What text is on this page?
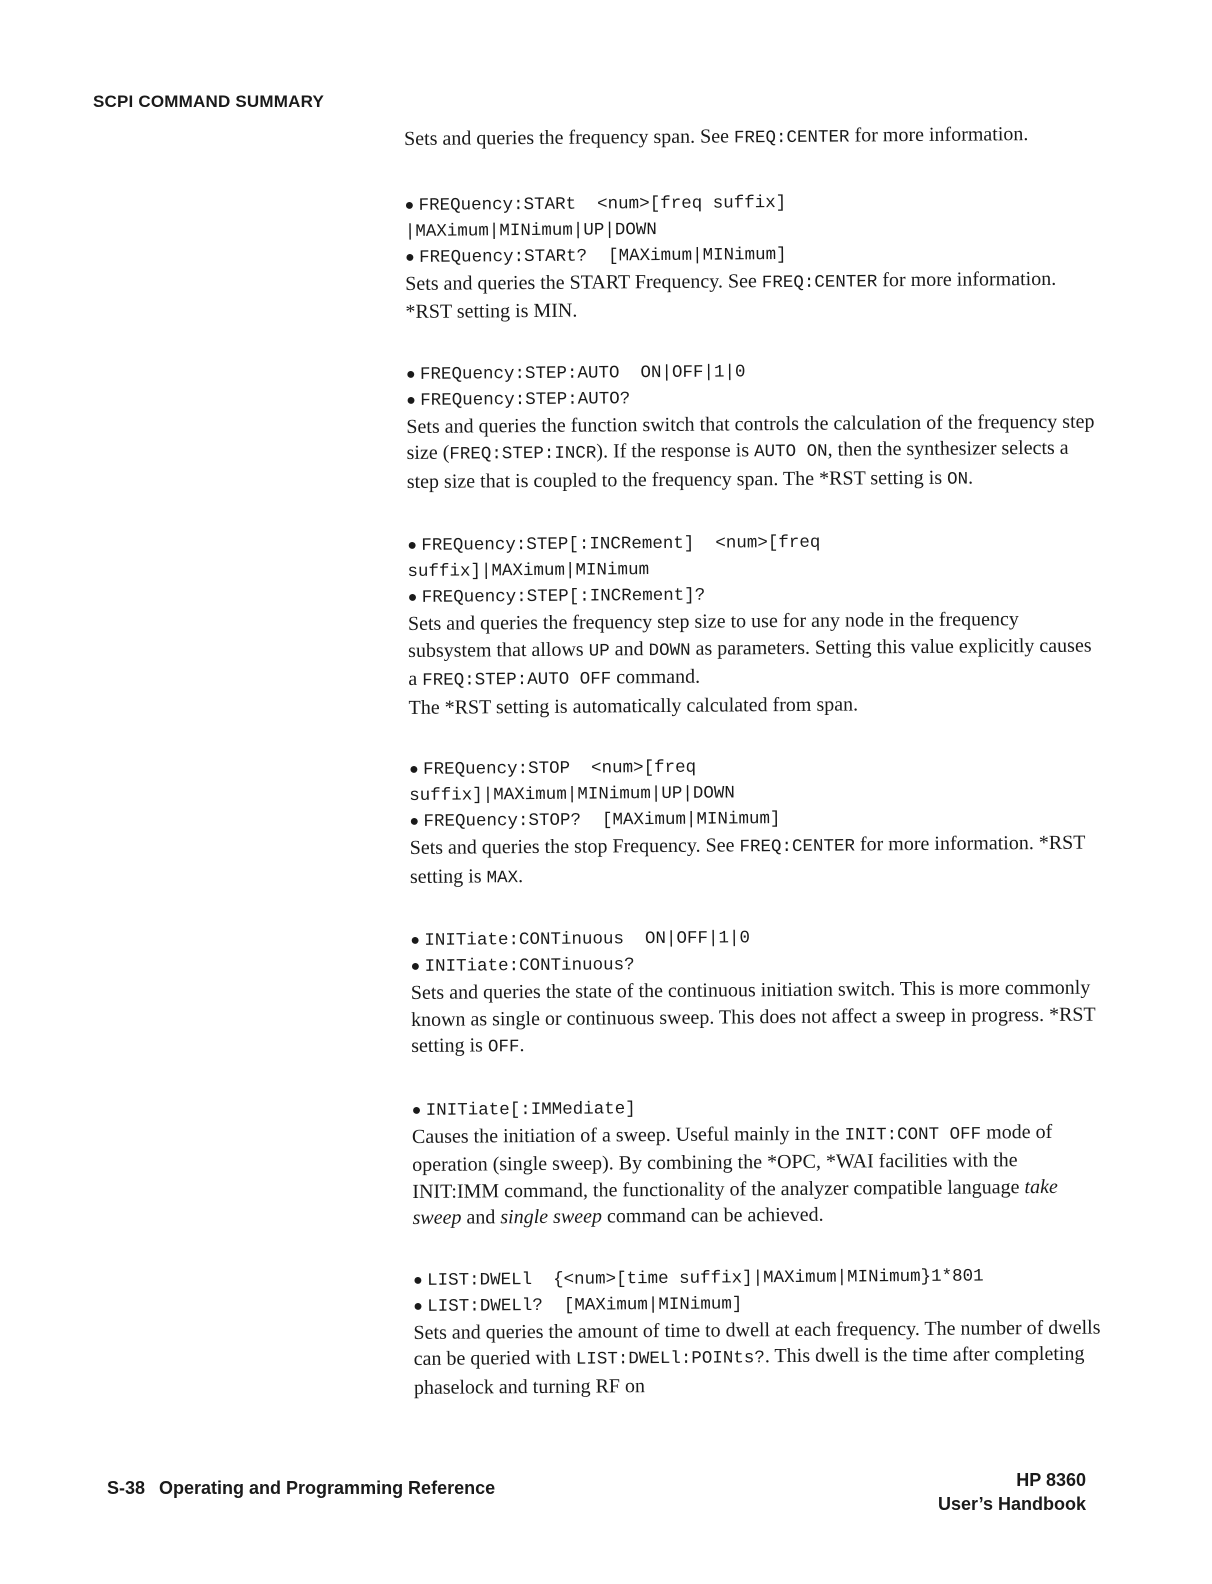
SCPI COMMAND SUMMARY

Sets and queries the frequency span. See FREQ:CENTER for more information.

● FREQuency:STARt  <num>[freq suffix]
|MAXimum|MINimum|UP|DOWN
● FREQuency:STARt?  [MAXimum|MINimum]

Sets and queries the START Frequency. See FREQ:CENTER for more information. *RST setting is MIN.

● FREQuency:STEP:AUTO  ON|OFF|1|0
● FREQuency:STEP:AUTO?

Sets and queries the function switch that controls the calculation of the frequency step size (FREQ:STEP:INCR). If the response is AUTO ON, then the synthesizer selects a step size that is coupled to the frequency span. The *RST setting is ON.

● FREQuency:STEP[:INCRement]  <num>[freq
suffix]|MAXimum|MINimum
● FREQuency:STEP[:INCRement]?

Sets and queries the frequency step size to use for any node in the frequency subsystem that allows UP and DOWN as parameters. Setting this value explicitly causes a FREQ:STEP:AUTO OFF command.
The *RST setting is automatically calculated from span.

● FREQuency:STOP  <num>[freq
suffix]|MAXimum|MINimum|UP|DOWN
● FREQuency:STOP?  [MAXimum|MINimum]

Sets and queries the stop Frequency. See FREQ:CENTER for more information. *RST setting is MAX.

● INITiate:CONTinuous  ON|OFF|1|0
● INITiate:CONTinuous?

Sets and queries the state of the continuous initiation switch. This is more commonly known as single or continuous sweep. This does not affect a sweep in progress. *RST setting is OFF.

● INITiate[:IMMediate]

Causes the initiation of a sweep. Useful mainly in the INIT:CONT OFF mode of operation (single sweep). By combining the *OPC, *WAI facilities with the INIT:IMM command, the functionality of the analyzer compatible language take sweep and single sweep command can be achieved.

● LIST:DWELl  {<num>[time suffix]|MAXimum|MINimum}1*801
● LIST:DWELl?  [MAXimum|MINimum]

Sets and queries the amount of time to dwell at each frequency. The number of dwells can be queried with LIST:DWELl:POINts?. This dwell is the time after completing phaselock and turning RF on

S-38 Operating and Programming Reference	HP 8360
User’s Handbook
